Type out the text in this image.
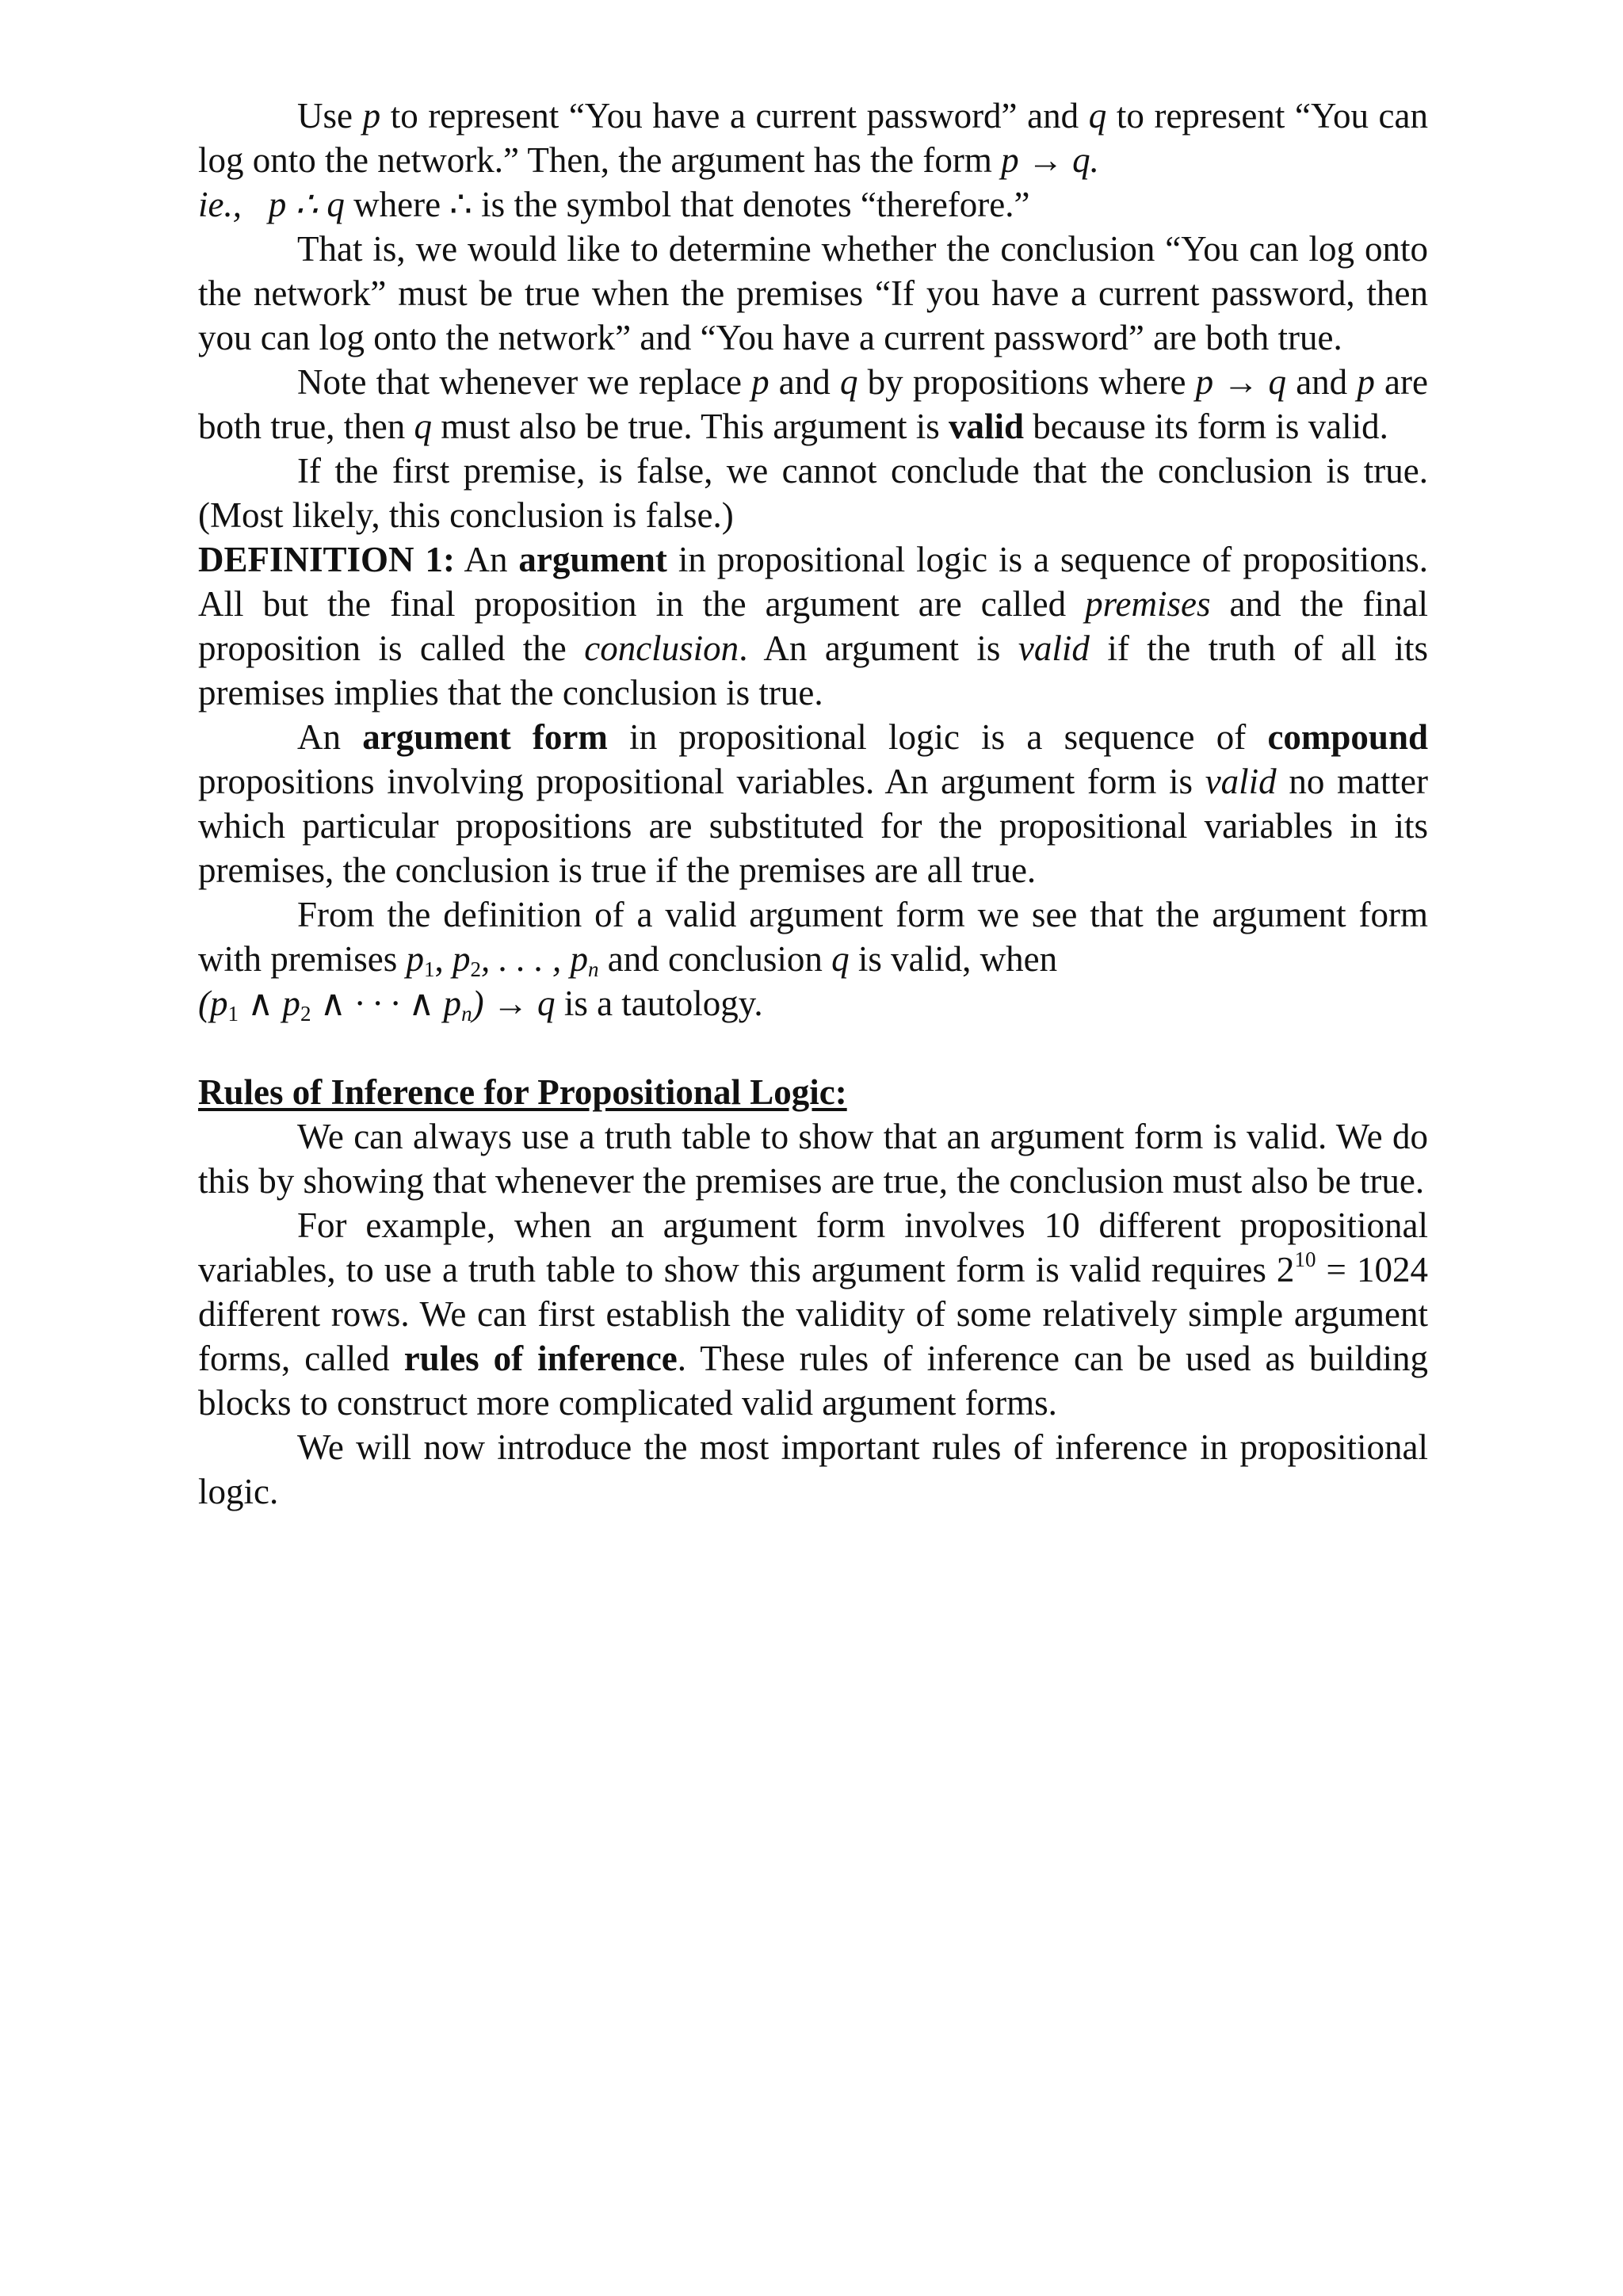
Use p to represent “You have a current password” and q to represent “You can log onto the network.” Then, the argument has the form p → q.
ie.,   p ∴ q where ∴ is the symbol that denotes “therefore.”

That is, we would like to determine whether the conclusion “You can log onto the network” must be true when the premises “If you have a current password, then you can log onto the network” and “You have a current password” are both true.

Note that whenever we replace p and q by propositions where p → q and p are both true, then q must also be true. This argument is valid because its form is valid.

If the first premise, is false, we cannot conclude that the conclusion is true. (Most likely, this conclusion is false.)

DEFINITION 1: An argument in propositional logic is a sequence of propositions. All but the final proposition in the argument are called premises and the final proposition is called the conclusion. An argument is valid if the truth of all its premises implies that the conclusion is true.

An argument form in propositional logic is a sequence of compound propositions involving propositional variables. An argument form is valid no matter which particular propositions are substituted for the propositional variables in its premises, the conclusion is true if the premises are all true.

From the definition of a valid argument form we see that the argument form with premises $p_1$, $p_2$, . . . , $p_n$ and conclusion q is valid, when
($p_1$ ∧ $p_2$ ∧ · · · ∧ $p_n) \to q$ is a tautology.

Rules of Inference for Propositional Logic:

We can always use a truth table to show that an argument form is valid. We do this by showing that whenever the premises are true, the conclusion must also be true.

For example, when an argument form involves 10 different propositional variables, to use a truth table to show this argument form is valid requires $2^{10} = 1024$ different rows. We can first establish the validity of some relatively simple argument forms, called rules of inference. These rules of inference can be used as building blocks to construct more complicated valid argument forms.

We will now introduce the most important rules of inference in propositional logic.
